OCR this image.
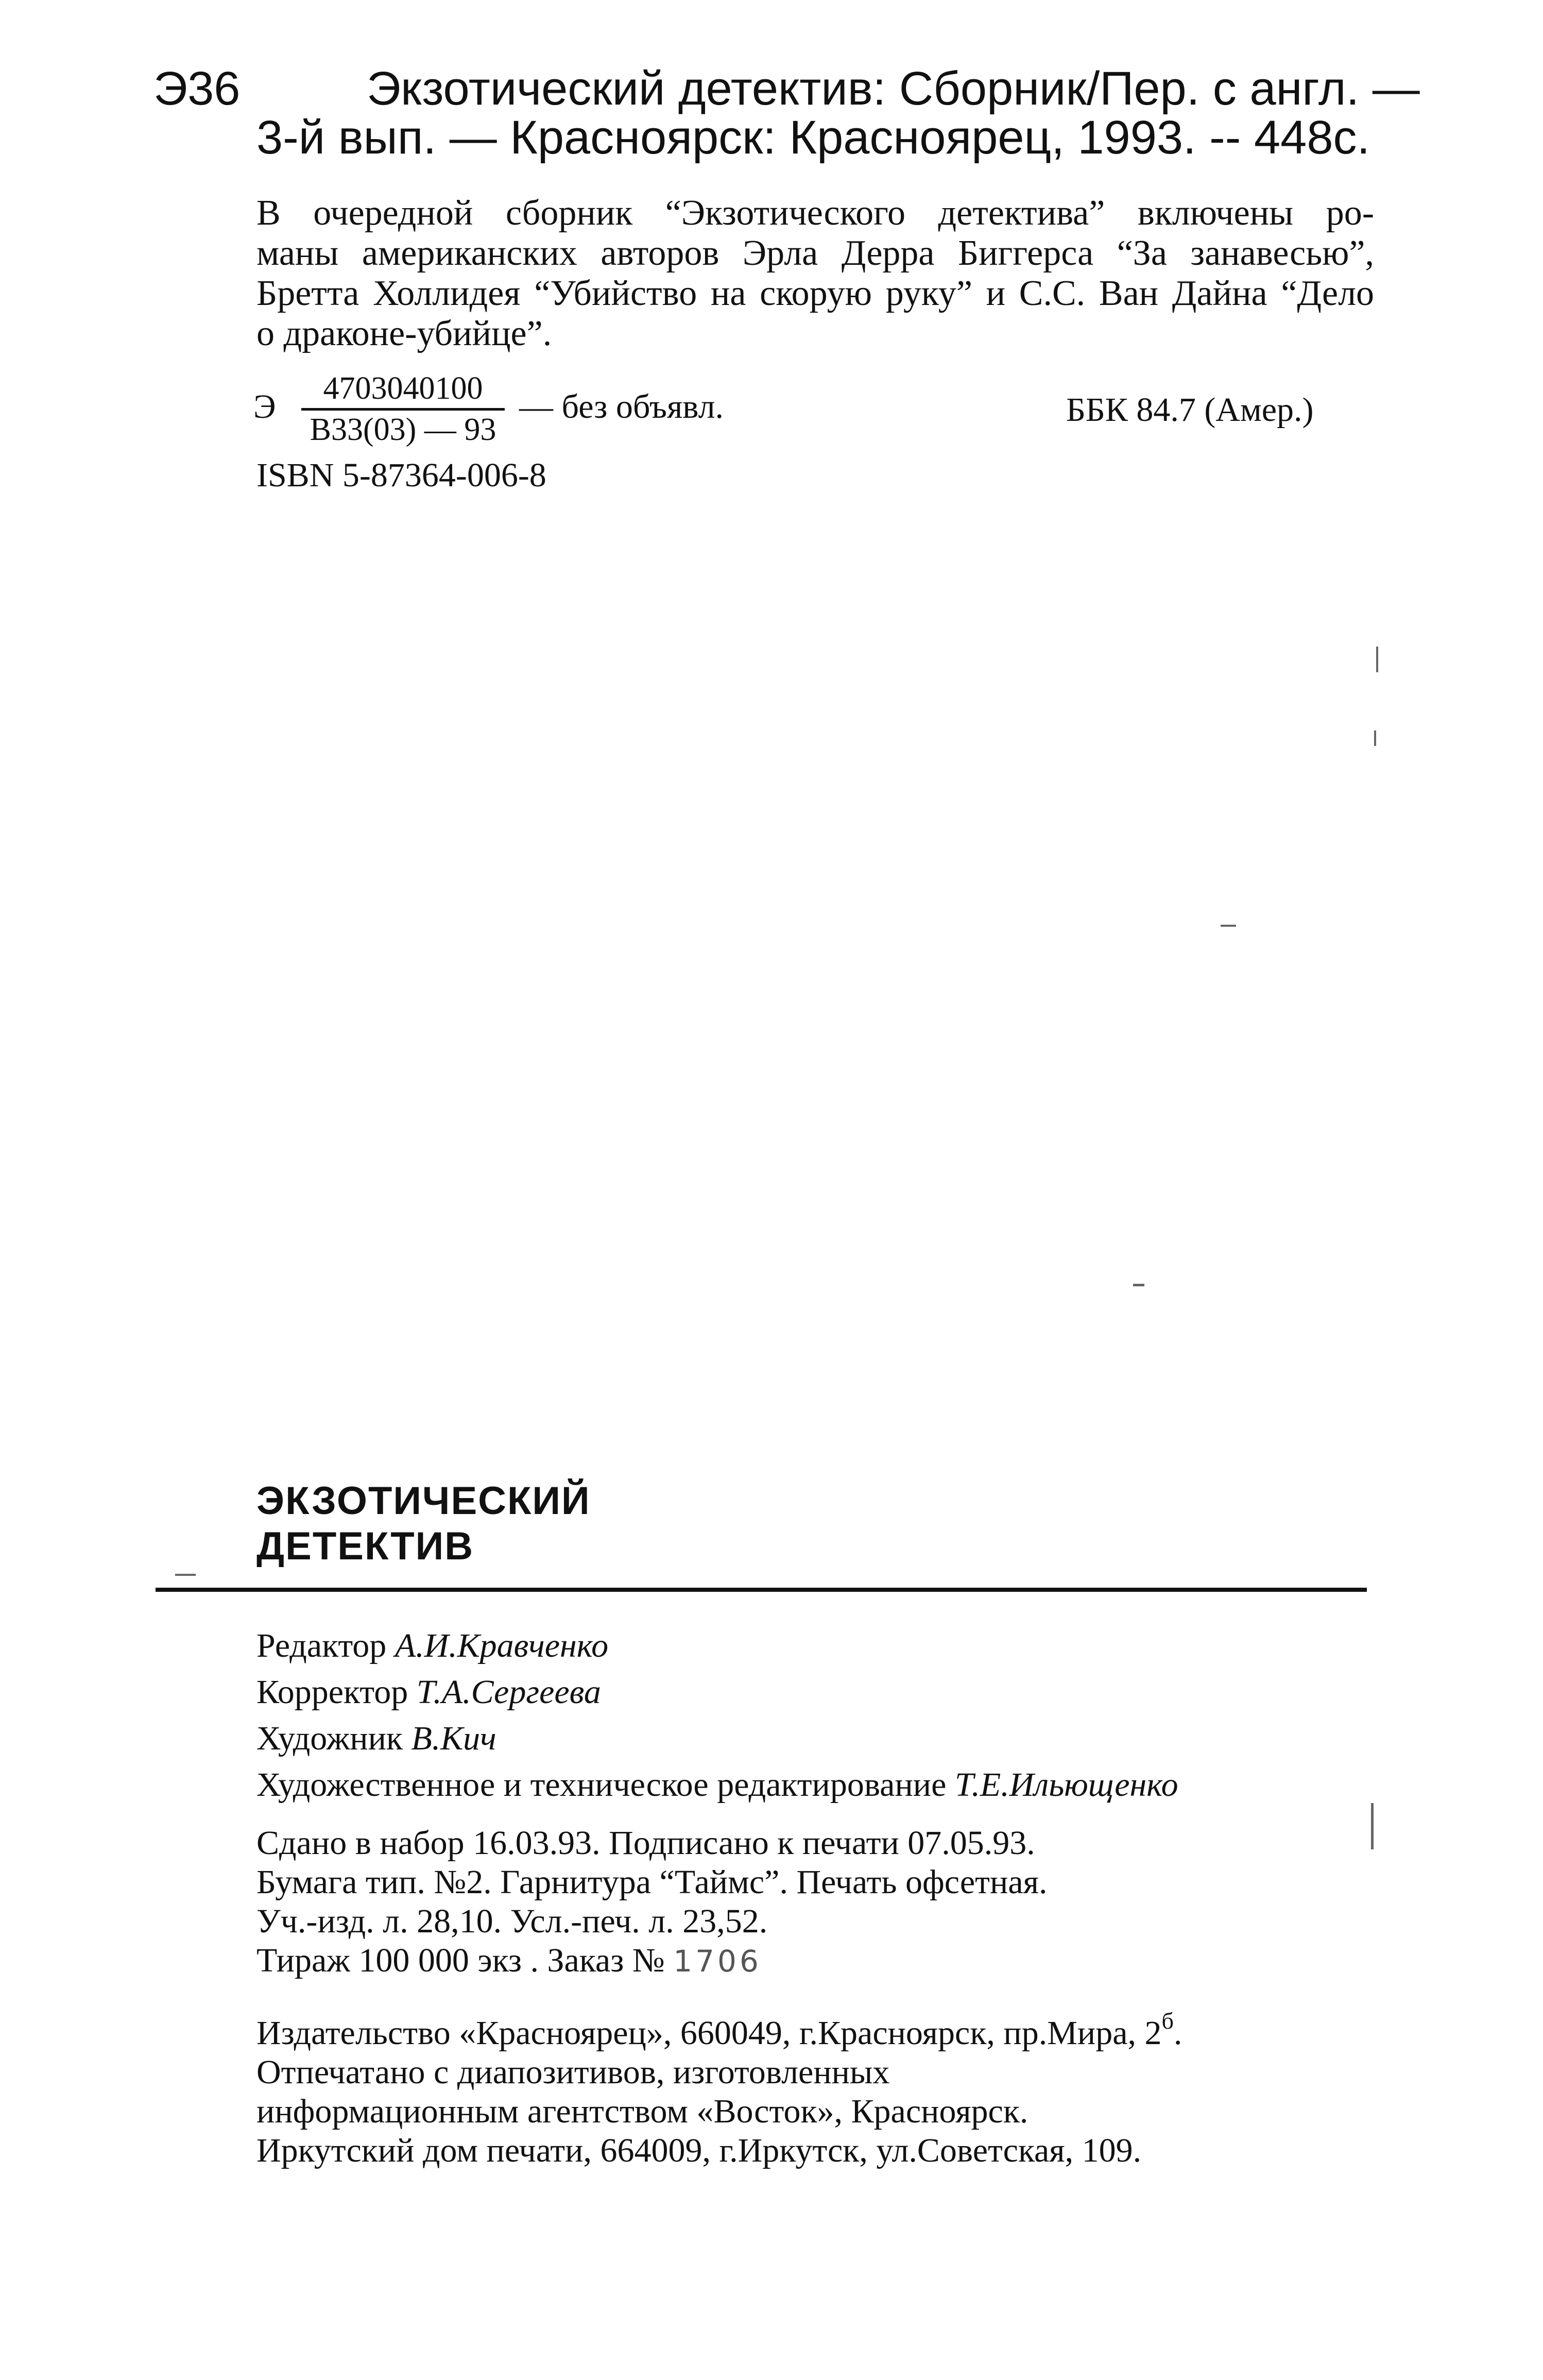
Э36	Экзотический детектив: Сборник/Пер. с англ. —
3-й вып. — Красноярск: Красноярец, 1993. -- 448с.
В очередной сборник “Экзотического детектива” включены ро-
маны американских авторов Эрла Дерра Биггерса “За занавесью”,
Бретта Холлидея “Убийство на скорую руку” и С.С. Ван Дайна “Дело
о драконе-убийце”.
Э	4703040100
В33(03) — 93
— без объявл.	ББК 84.7 (Амер.)
ISBN 5-87364-006-8
ЭКЗОТИЧЕСКИЙ
ДЕТЕКТИВ
Редактор А.И.Кравченко
Корректор Т.А.Сергеева
Художник В.Кич
Художественное и техническое редактирование Т.Е.Ильющенко
Сдано в набор 16.03.93. Подписано к печати 07.05.93.
Бумага тип. №2. Гарнитура “Таймс”. Печать офсетная.
Уч.-изд. л. 28,10. Усл.-печ. л. 23,52.
Тираж 100 000 экз . Заказ № 1706
Издательство «Красноярец», 660049, г.Красноярск, пр.Мира, $2^б$.
Отпечатано с диапозитивов, изготовленных
информационным агентством «Восток», Красноярск.
Иркутский дом печати, 664009, г.Иркутск, ул.Советская, 109.
